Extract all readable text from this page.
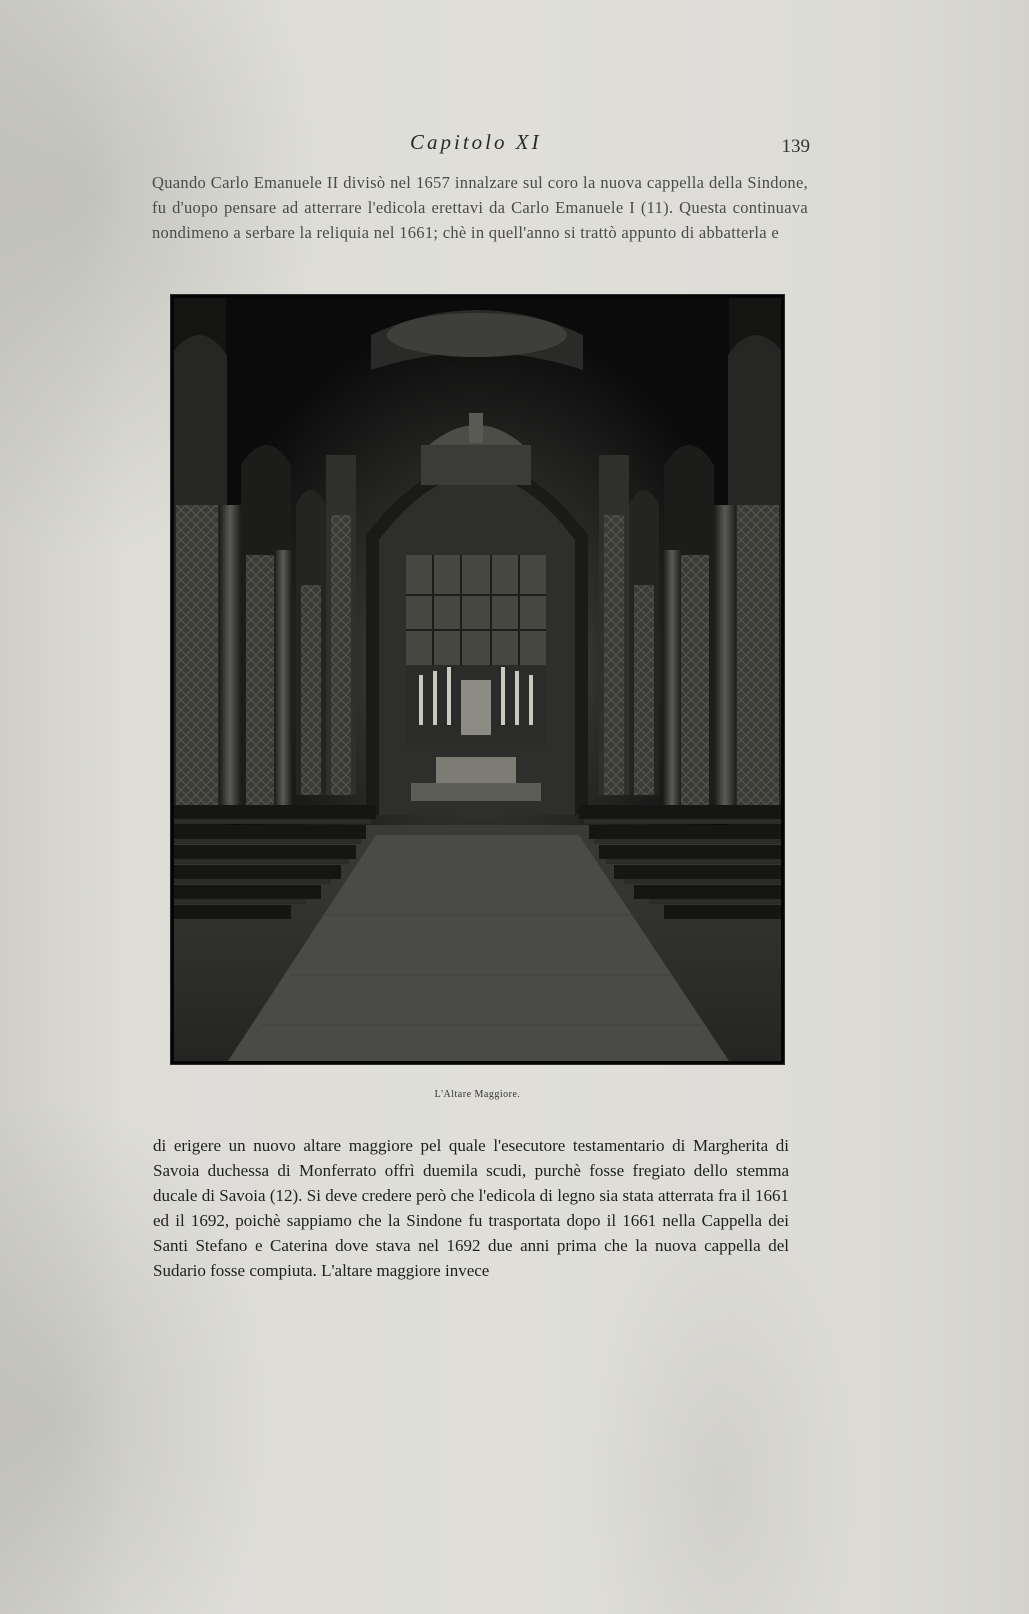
Capitolo XI	139

Quando Carlo Emanuele II divisò nel 1657 innalzare sul coro la nuova cappella della Sindone, fu d'uopo pensare ad atterrare l'edicola erettavi da Carlo Emanuele I (11). Questa continuava nondimeno a serbare la reliquia nel 1661; chè in quell'anno si trattò appunto di abbatterla e

L'Altare Maggiore.

di erigere un nuovo altare maggiore pel quale l'esecutore testamentario di Margherita di Savoia duchessa di Monferrato offrì duemila scudi, purchè fosse fregiato dello stemma ducale di Savoia (12). Si deve credere però che l'edicola di legno sia stata atterrata fra il 1661 ed il 1692, poichè sappiamo che la Sindone fu trasportata dopo il 1661 nella Cappella dei Santi Stefano e Caterina dove stava nel 1692 due anni prima che la nuova cappella del Sudario fosse compiuta. L'altare maggiore invece
